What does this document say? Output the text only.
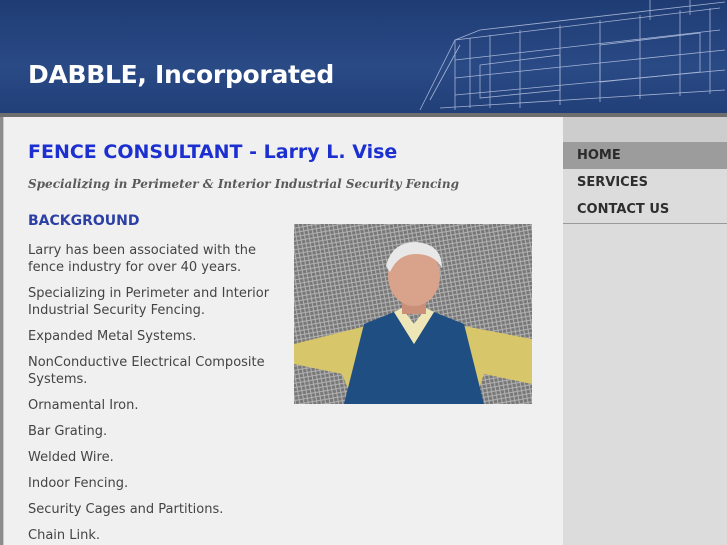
DABBLE, Incorporated
FENCE CONSULTANT - Larry L. Vise

Specializing in Perimeter & Interior Industrial Security Fencing

BACKGROUND

Larry has been associated with the fence industry for over 40 years.

Specializing in Perimeter and Interior Industrial Security Fencing.

Expanded Metal Systems.

NonConductive Electrical Composite Systems.

Ornamental Iron.

Bar Grating.

Welded Wire.

Indoor Fencing.

Security Cages and Partitions.

Chain Link.

HOME
SERVICES
CONTACT US
